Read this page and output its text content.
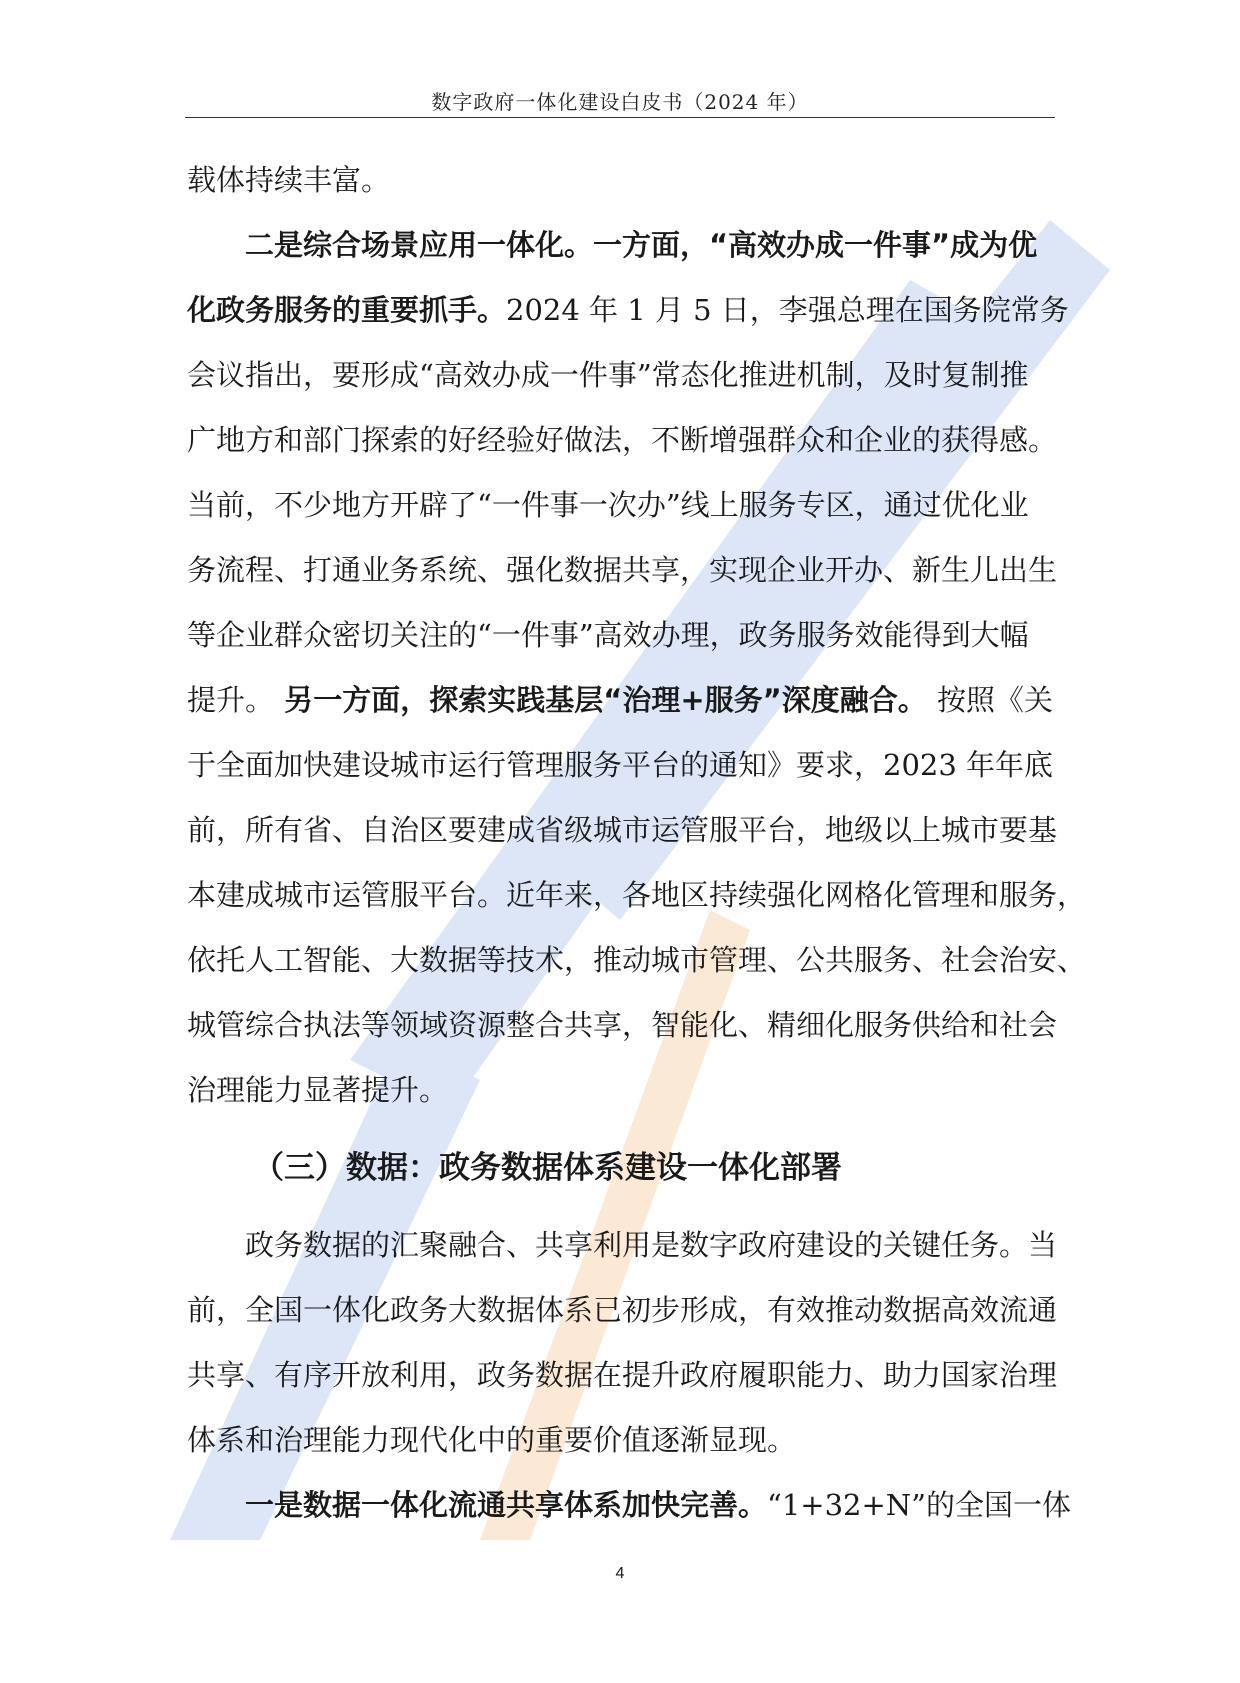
数字政府一体化建设白皮书（2024 年）
载体持续丰富。
二是综合场景应用一体化。一方面，“高效办成一件事”成为优
化政务服务的重要抓手。 2024 年 1 月 5 日，李强总理在国务院常务
会议指出，要形成“高效办成一件事”常态化推进机制，及时复制推
广地方和部门探索的好经验好做法，不断增强群众和企业的获得感。
当前，不少地方开辟了“一件事一次办”线上服务专区，通过优化业
务流程、打通业务系统、强化数据共享，实现企业开办、新生儿出生
等企业群众密切关注的“一件事”高效办理，政务服务效能得到大幅
提升。 另一方面，探索实践基层“治理+服务”深度融合。 按照《关
于全面加快建设城市运行管理服务平台的通知》要求，2023 年年底
前，所有省、自治区要建成省级城市运管服平台，地级以上城市要基
本建成城市运管服平台。近年来，各地区持续强化网格化管理和服务，
依托人工智能、大数据等技术，推动城市管理、公共服务、社会治安、
城管综合执法等领域资源整合共享，智能化、精细化服务供给和社会
治理能力显著提升。
（三）数据：政务数据体系建设一体化部署
政务数据的汇聚融合、共享利用是数字政府建设的关键任务。当
前，全国一体化政务大数据体系已初步形成，有效推动数据高效流通
共享、有序开放利用，政务数据在提升政府履职能力、助力国家治理
体系和治理能力现代化中的重要价值逐渐显现。
一是数据一体化流通共享体系加快完善。 “1+32+N”的全国一体
4
